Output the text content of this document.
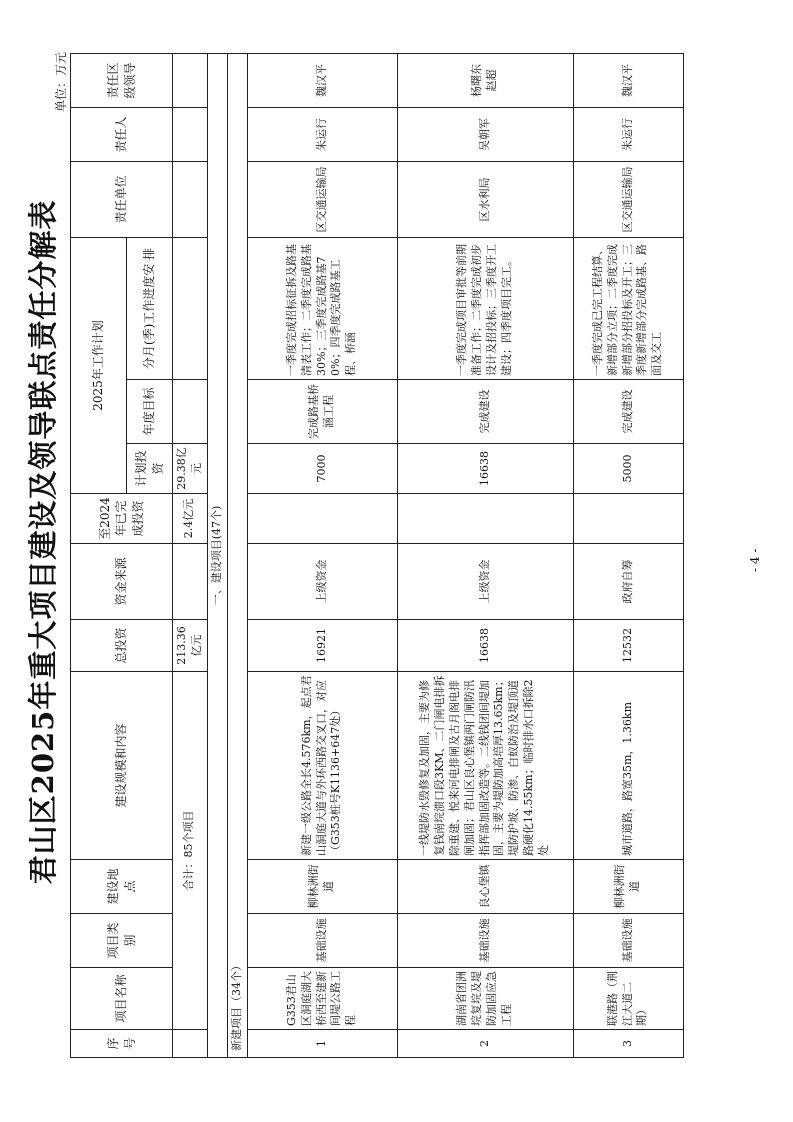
君山区2025年重大项目建设及领导联点责任分解表
单位：万元
序号	项目名称	项目类别	建设地点	建设规模和内容	总投资	资金来源	至2024年已完成投资	2025年工作计划			责任单位	责任人	责任区级领导
								计划投资	年度目标	分月(季)工作进度安 排			
	合计：85个项目				213.36亿元		2.4亿元	29.38亿元					
一、建设项目(47个)													
新建项目（34个）													
1	G353君山区洞庭湖大桥西至建新间堤公路工程	基础设施	柳林洲街道	新建一级公路全长4.576km，起点君山洞庭大道与外环西路交叉口，对应（G353桩号K1136+647处）	16921	上级资金		7000	完成路基桥涵工程	一季度完成招标征拆及路基清表工作；二季度完成路基30%；三季度完成路基70%；四季度完成路基工程、桥涵	区交通运输局	朱运行	魏汉平
2	湖南省团洲垸复垸及堤防加固应急工程	基础设施	良心堡镇	一线堤防水毁修复及加固，主要为修复钱南垸溃口段3KM、二门闸电排拆除重建、悦来河电排闸及古月阁电排闸加固；君山区良心堡镇两门闸防汛指挥部加固改造等。二线钱团间堤加固，主要为堤防加高培厚13.65km；堤防护坡、防渗、白蚁防治及堤顶道路硬化14.55km；临时排水口拆除2处	16638	上级资金		16638	完成建设	一季度完成项目审批等前期准备工作；二季度完成初步设计及招投标；三季度开工建设；四季度项目完工。	区水利局	吴朝军	杨曙东 赵超
3	联港路（荆江大道二期）	基础设施	柳林洲街道	城市道路，路宽35m，1.36km	12532	政府自筹		5000	完成建设	一季度完成已完工程结算、新增部分立项；二季度完成新增部分招投标及开工；三季度新增部分完成路基、路面及交工	区交通运输局	朱运行	魏汉平
- 4 -
